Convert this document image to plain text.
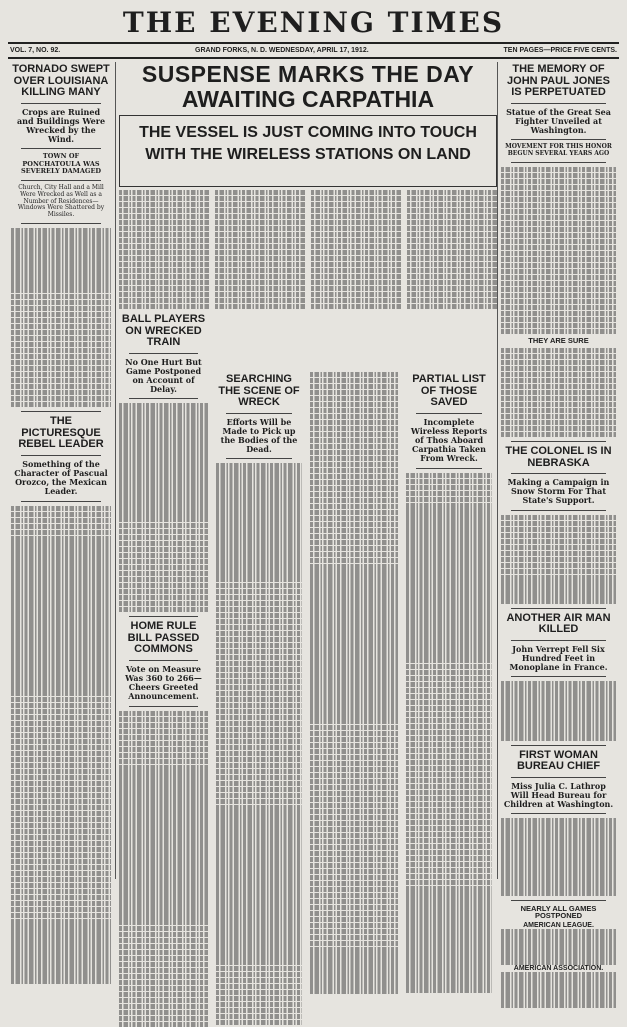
THE EVENING TIMES
VOL. 7, NO. 92.	GRAND FORKS, N. D. WEDNESDAY, APRIL 17, 1912.	TEN PAGES—PRICE FIVE CENTS.
TORNADO SWEPT OVER LOUISIANA KILLING MANY
Crops are Ruined and Buildings Were Wrecked by the Wind.
TOWN OF PONCHATOULA WAS SEVERELY DAMAGED
Church, City Hall and a Mill Were Wrecked as Well as a Number of Residences—Windows Were Shattered by Missiles.
THE PICTURESQUE REBEL LEADER
Something of the Character of Pascual Orozco, the Mexican Leader.
SUSPENSE MARKS THE DAY
AWAITING CARPATHIA
THE VESSEL IS JUST COMING INTO TOUCH WITH THE WIRELESS STATIONS ON LAND
BALL PLAYERS ON WRECKED TRAIN
No One Hurt But Game Postponed on Account of Delay.
HOME RULE BILL PASSED COMMONS
Vote on Measure Was 360 to 266—Cheers Greeted Announcement.
SEARCHING THE SCENE OF WRECK
Efforts Will be Made to Pick up the Bodies of the Dead.
PARTIAL LIST OF THOSE SAVED
Incomplete Wireless Reports of Thos Aboard Carpathia Taken From Wreck.
THE MEMORY OF JOHN PAUL JONES IS PERPETUATED
Statue of the Great Sea Fighter Unveiled at Washington.
MOVEMENT FOR THIS HONOR BEGUN SEVERAL YEARS AGO
THEY ARE SURE
THE COLONEL IS IN NEBRASKA
Making a Campaign in Snow Storm For That State's Support.
ANOTHER AIR MAN KILLED
John Verrept Fell Six Hundred Feet in Monoplane in France.
FIRST WOMAN BUREAU CHIEF
Miss Julia C. Lathrop Will Head Bureau for Children at Washington.
NEARLY ALL GAMES POSTPONED
AMERICAN LEAGUE.
AMERICAN ASSOCIATION.
